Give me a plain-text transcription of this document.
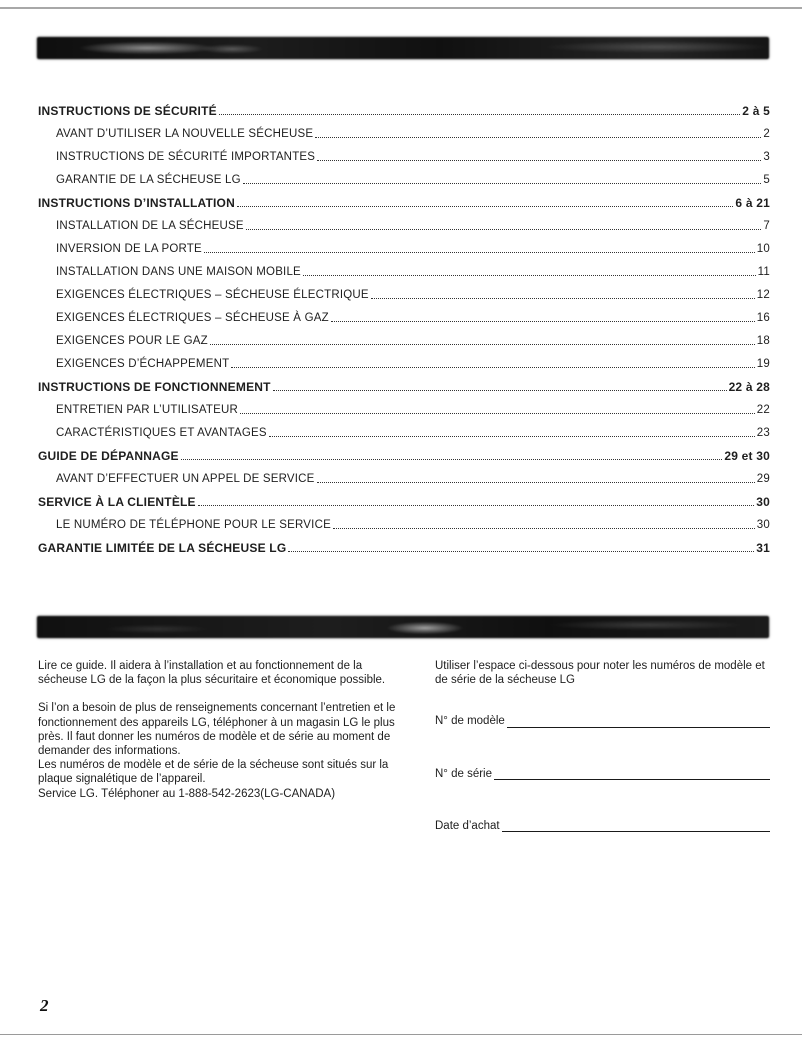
INSTRUCTIONS DE SÉCURITÉ	2 à 5
AVANT D’UTILISER LA NOUVELLE SÉCHEUSE	2
INSTRUCTIONS DE SÉCURITÉ IMPORTANTES	3
GARANTIE DE LA SÉCHEUSE LG	5
INSTRUCTIONS D’INSTALLATION	6 à 21
INSTALLATION DE LA SÉCHEUSE	7
INVERSION DE LA PORTE	10
INSTALLATION DANS UNE MAISON MOBILE	11
EXIGENCES ÉLECTRIQUES – SÉCHEUSE ÉLECTRIQUE	12
EXIGENCES ÉLECTRIQUES – SÉCHEUSE À GAZ	16
EXIGENCES POUR LE GAZ	18
EXIGENCES D’ÉCHAPPEMENT	19
INSTRUCTIONS DE FONCTIONNEMENT	22 à 28
ENTRETIEN PAR L’UTILISATEUR	22
CARACTÉRISTIQUES ET AVANTAGES	23
GUIDE DE DÉPANNAGE	29 et 30
AVANT D’EFFECTUER UN APPEL DE SERVICE	29
SERVICE À LA CLIENTÈLE	30
LE NUMÉRO DE TÉLÉPHONE POUR LE SERVICE	30
GARANTIE LIMITÉE DE LA SÉCHEUSE LG	31

Lire ce guide. Il aidera à l’installation et au fonctionnement de la sécheuse LG de la façon la plus sécuritaire et économique possible.

Si l’on a besoin de plus de renseignements concernant l’entretien et le fonctionnement des appareils LG, téléphoner à un magasin LG le plus près. Il faut donner les numéros de modèle et de série au moment de demander des informations.

Les numéros de modèle et de série de la sécheuse sont situés sur la plaque signalétique de l’appareil.

Service LG. Téléphoner au 1-888-542-2623(LG-CANADA)

Utiliser l’espace ci-dessous pour noter les numéros de modèle et de série de la sécheuse LG

N° de modèle
N° de série
Date d’achat
2
